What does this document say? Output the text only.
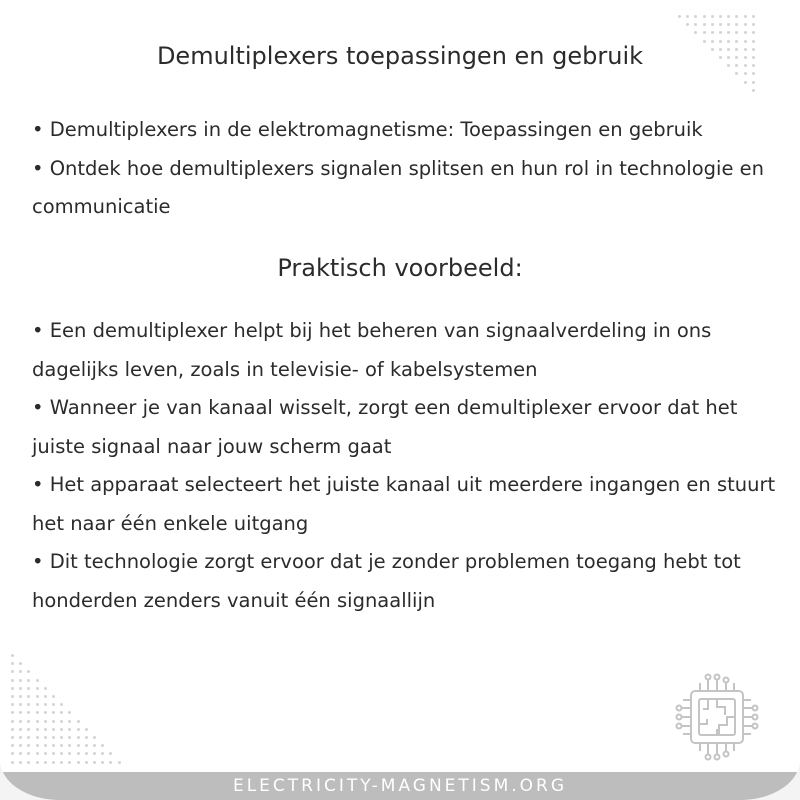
Demultiplexers toepassingen en gebruik
• Demultiplexers in de elektromagnetisme: Toepassingen en gebruik
• Ontdek hoe demultiplexers signalen splitsen en hun rol in technologie en communicatie
Praktisch voorbeeld:
• Een demultiplexer helpt bij het beheren van signaalverdeling in ons dagelijks leven, zoals in televisie- of kabelsystemen
• Wanneer je van kanaal wisselt, zorgt een demultiplexer ervoor dat het juiste signaal naar jouw scherm gaat
• Het apparaat selecteert het juiste kanaal uit meerdere ingangen en stuurt het naar één enkele uitgang
• Dit technologie zorgt ervoor dat je zonder problemen toegang hebt tot honderden zenders vanuit één signaallijn
ELECTRICITY-MAGNETISM.ORG
